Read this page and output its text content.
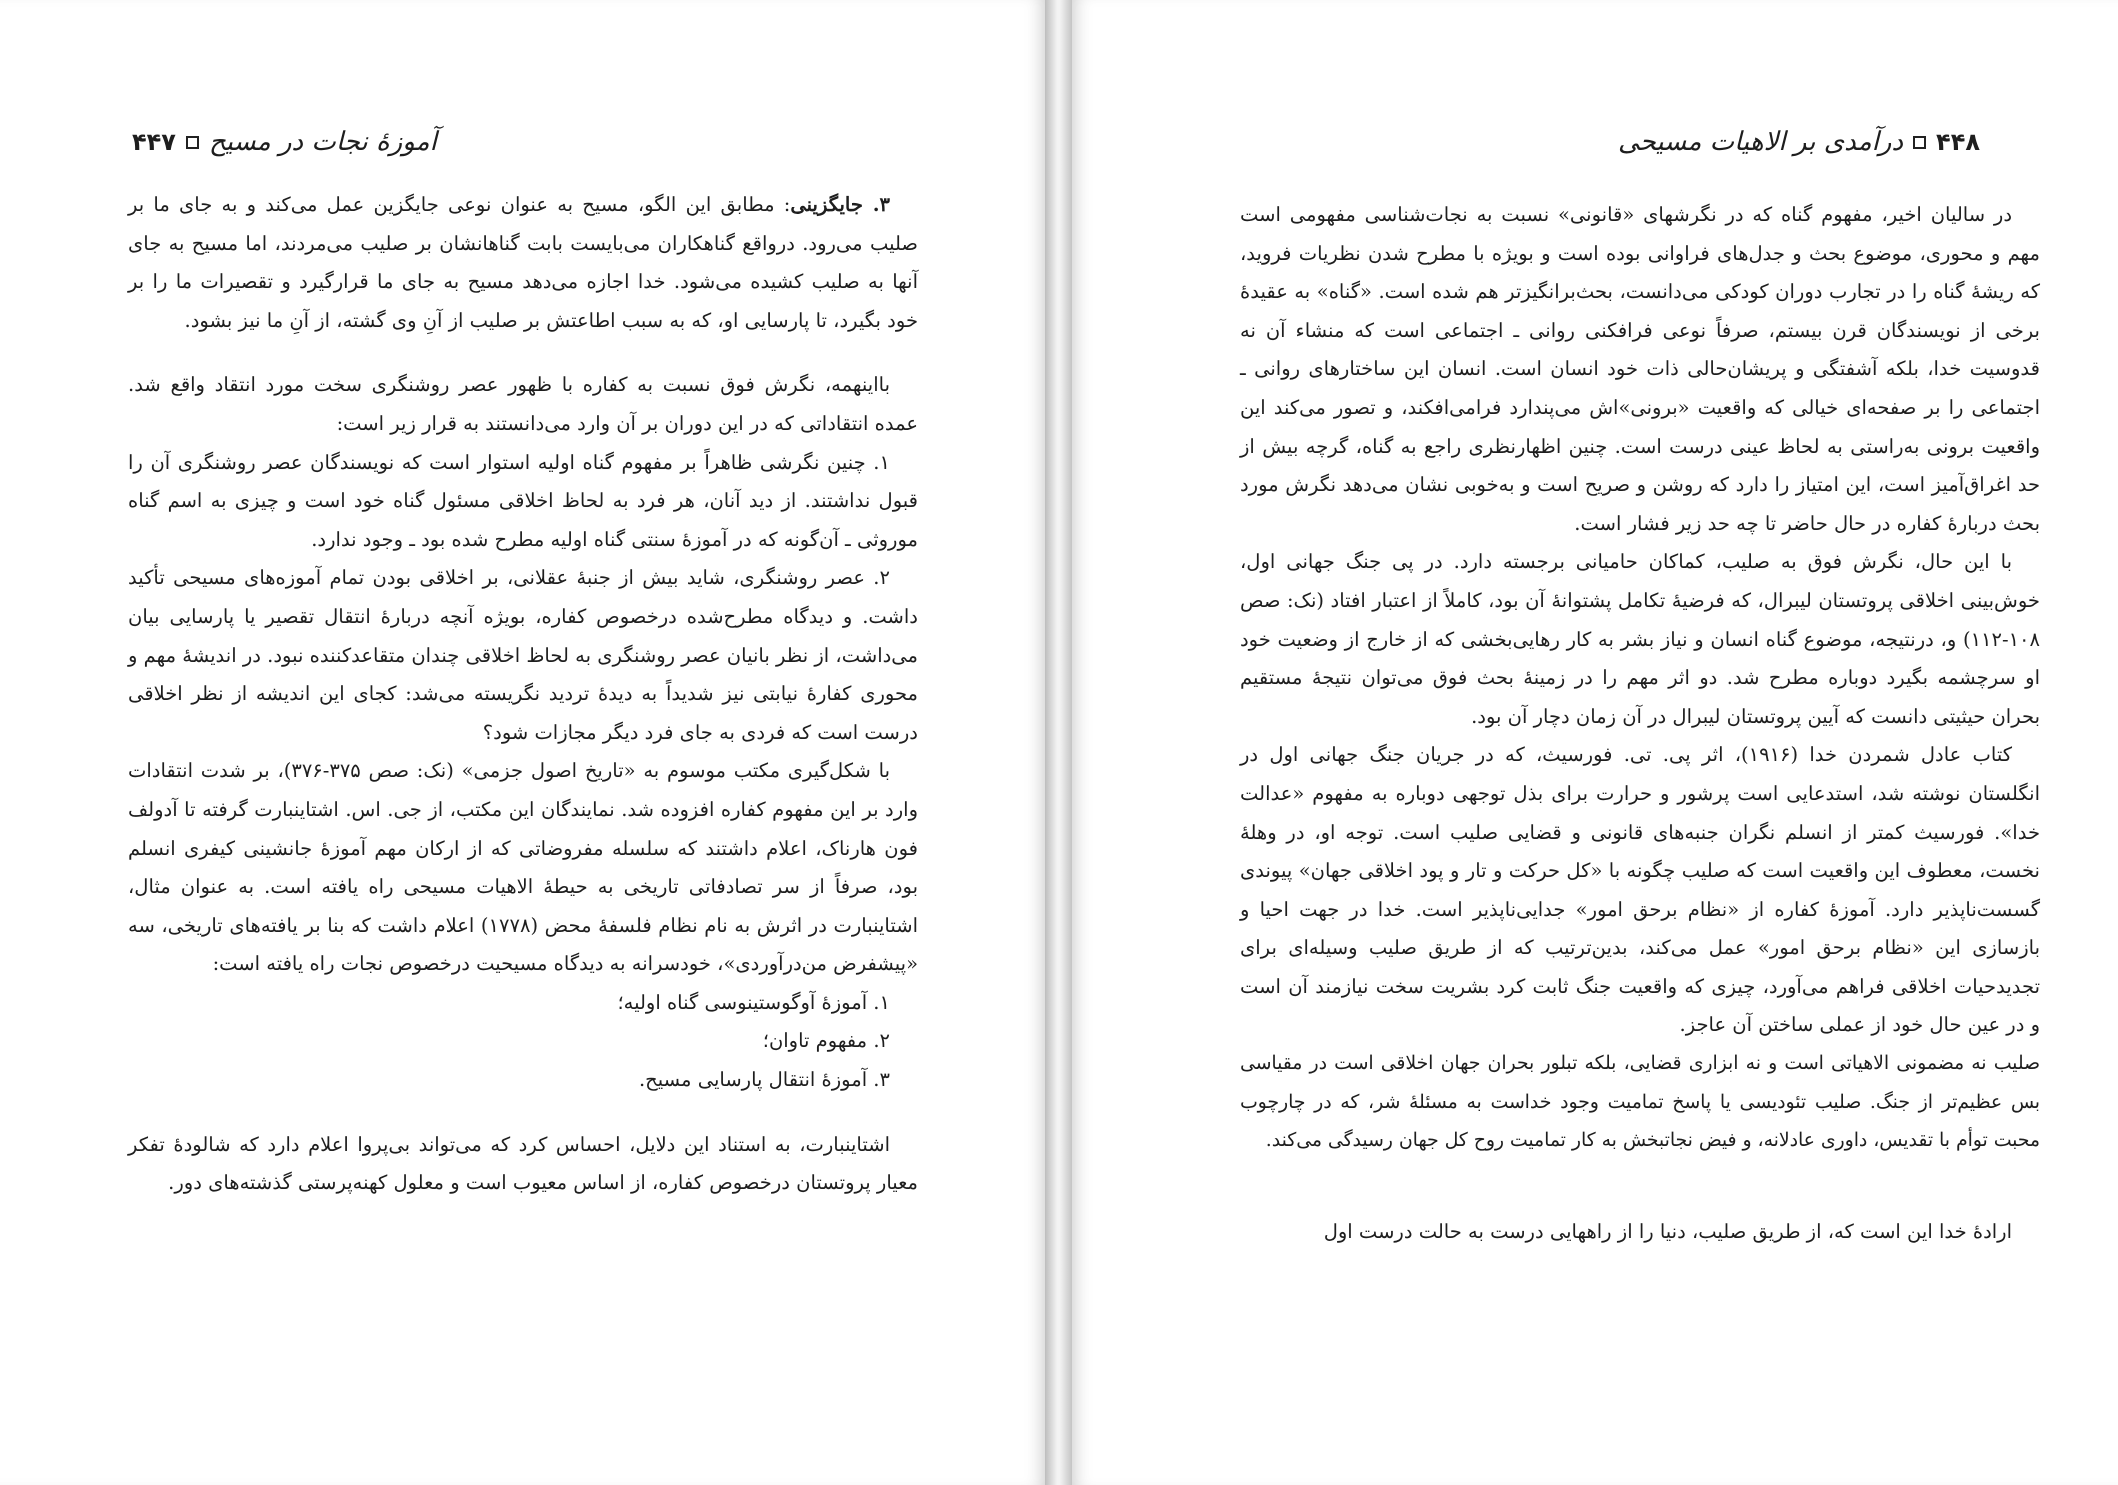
آموزهٔ نجات در مسیح
۴۴۷

۳. جایگزینی: مطابق این الگو، مسیح به عنوان نوعی جایگزین عمل می‌کند و به جای ما بر صلیب می‌رود. درواقع گناهکاران می‌بایست بابت گناهانشان بر صلیب می‌مردند، اما مسیح به جای آنها به صلیب کشیده می‌شود. خدا اجازه می‌دهد مسیح به جای ما قرارگیرد و تقصیرات ما را بر خود بگیرد، تا پارسایی او، که به سبب اطاعتش بر صلیب از آنِ وی گشته، از آنِ ما نیز بشود.

بااینهمه، نگرش فوق نسبت به کفاره با ظهور عصر روشنگری سخت مورد انتقاد واقع شد. عمده انتقاداتی که در این دوران بر آن وارد می‌دانستند به قرار زیر است:

۱. چنین نگرشی ظاهراً بر مفهوم گناه اولیه استوار است که نویسندگان عصر روشنگری آن را قبول نداشتند. از دید آنان، هر فرد به لحاظ اخلاقی مسئول گناه خود است و چیزی به اسم گناه موروثی ـ آن‌گونه که در آموزهٔ سنتی گناه اولیه مطرح شده بود ـ وجود ندارد.

۲. عصر روشنگری، شاید بیش از جنبهٔ عقلانی، بر اخلاقی بودن تمام آموزه‌های مسیحی تأکید داشت. و دیدگاه مطرح‌شده درخصوص کفاره، بویژه آنچه دربارهٔ انتقال تقصیر یا پارسایی بیان می‌داشت، از نظر بانیان عصر روشنگری به لحاظ اخلاقی چندان متقاعدکننده نبود. در اندیشهٔ مهم و محوری کفارهٔ نیابتی نیز شدیداً به دیدهٔ تردید نگریسته می‌شد: کجای این اندیشه از نظر اخلاقی درست است که فردی به جای فرد دیگر مجازات شود؟

با شکل‌گیری مکتب موسوم به «تاریخ اصول جزمی» (نک: صص ۳۷۵-۳۷۶)، بر شدت انتقادات وارد بر این مفهوم کفاره افزوده شد. نمایندگان این مکتب، از جی. اس. اشتاینبارت گرفته تا آدولف فون هارناک، اعلام داشتند که سلسله مفروضاتی که از ارکان مهم آموزهٔ جانشینی کیفری انسلم بود، صرفاً از سر تصادفاتی تاریخی به حیطهٔ الاهیات مسیحی راه یافته است. به عنوان مثال، اشتاینبارت در اثرش به نام نظام فلسفهٔ محض (۱۷۷۸) اعلام داشت که بنا بر یافته‌های تاریخی، سه «پیشفرض من‌درآوردی»، خودسرانه به دیدگاه مسیحیت درخصوص نجات راه یافته است:

۱. آموزهٔ آوگوستینوسی گناه اولیه؛

۲. مفهوم تاوان؛

۳. آموزهٔ انتقال پارسایی مسیح.

اشتاینبارت، به استناد این دلایل، احساس کرد که می‌تواند بی‌پروا اعلام دارد که شالودهٔ تفکر معیار پروتستان درخصوص کفاره، از اساس معیوب است و معلول کهنه‌پرستی گذشته‌های دور.

۴۴۸
درآمدی بر الاهیات مسیحی

در سالیان اخیر، مفهوم گناه که در نگرشهای «قانونی» نسبت به نجات‌شناسی مفهومی است مهم و محوری، موضوع بحث و جدل‌های فراوانی بوده است و بویژه با مطرح شدن نظریات فروید، که ریشهٔ گناه را در تجارب دوران کودکی می‌دانست، بحث‌برانگیزتر هم شده است. «گناه» به عقیدهٔ برخی از نویسندگان قرن بیستم، صرفاً نوعی فرافکنی روانی ـ اجتماعی است که منشاء آن نه قدوسیت خدا، بلکه آشفتگی و پریشان‌حالی ذات خود انسان است. انسان این ساختارهای روانی ـ اجتماعی را بر صفحه‌ای خیالی که واقعیت «برونی»اش می‌پندارد فرامی‌افکند، و تصور می‌کند این واقعیت برونی به‌راستی به لحاظ عینی درست است. چنین اظهارنظری راجع به گناه، گرچه بیش از حد اغراق‌آمیز است، این امتیاز را دارد که روشن و صریح است و به‌خوبی نشان می‌دهد نگرش مورد بحث دربارهٔ کفاره در حال حاضر تا چه حد زیر فشار است.

با این حال، نگرش فوق به صلیب، کماکان حامیانی برجسته دارد. در پی جنگ جهانی اول، خوش‌بینی اخلاقی پروتستان لیبرال، که فرضیهٔ تکامل پشتوانهٔ آن بود، کاملاً از اعتبار افتاد (نک: صص ۱۰۸-۱۱۲) و، درنتیجه، موضوع گناه انسان و نیاز بشر به کار رهایی‌بخشی که از خارج از وضعیت خود او سرچشمه بگیرد دوباره مطرح شد. دو اثر مهم را در زمینهٔ بحث فوق می‌توان نتیجهٔ مستقیم بحران حیثیتی دانست که آیین پروتستان لیبرال در آن زمان دچار آن بود.

کتاب عادل شمردن خدا (۱۹۱۶)، اثر پی. تی. فورسیث، که در جریان جنگ جهانی اول در انگلستان نوشته شد، استدعایی است پرشور و حرارت برای بذل توجهی دوباره به مفهوم «عدالت خدا». فورسیث کمتر از انسلم نگران جنبه‌های قانونی و قضایی صلیب است. توجه او، در وهلهٔ نخست، معطوف این واقعیت است که صلیب چگونه با «کل حرکت و تار و پود اخلاقی جهان» پیوندی گسست‌ناپذیر دارد. آموزهٔ کفاره از «نظام برحق امور» جدایی‌ناپذیر است. خدا در جهت احیا و بازسازی این «نظام برحق امور» عمل می‌کند، بدین‌ترتیب که از طریق صلیب وسیله‌ای برای تجدیدحیات اخلاقی فراهم می‌آورد، چیزی که واقعیت جنگ ثابت کرد بشریت سخت نیازمند آن است و در عین حال خود از عملی ساختن آن عاجز.

صلیب نه مضمونی الاهیاتی است و نه ابزاری قضایی، بلکه تبلور بحران جهان اخلاقی است در مقیاسی بس عظیم‌تر از جنگ. صلیب تئودیسی یا پاسخ تمامیت وجود خداست به مسئلهٔ شر، که در چارچوب محبت توأم با تقدیس، داوری عادلانه، و فیض نجاتبخش به کار تمامیت روح کل جهان رسیدگی می‌کند.

ارادهٔ خدا این است که، از طریق صلیب، دنیا را از راههایی درست به حالت درست اول
